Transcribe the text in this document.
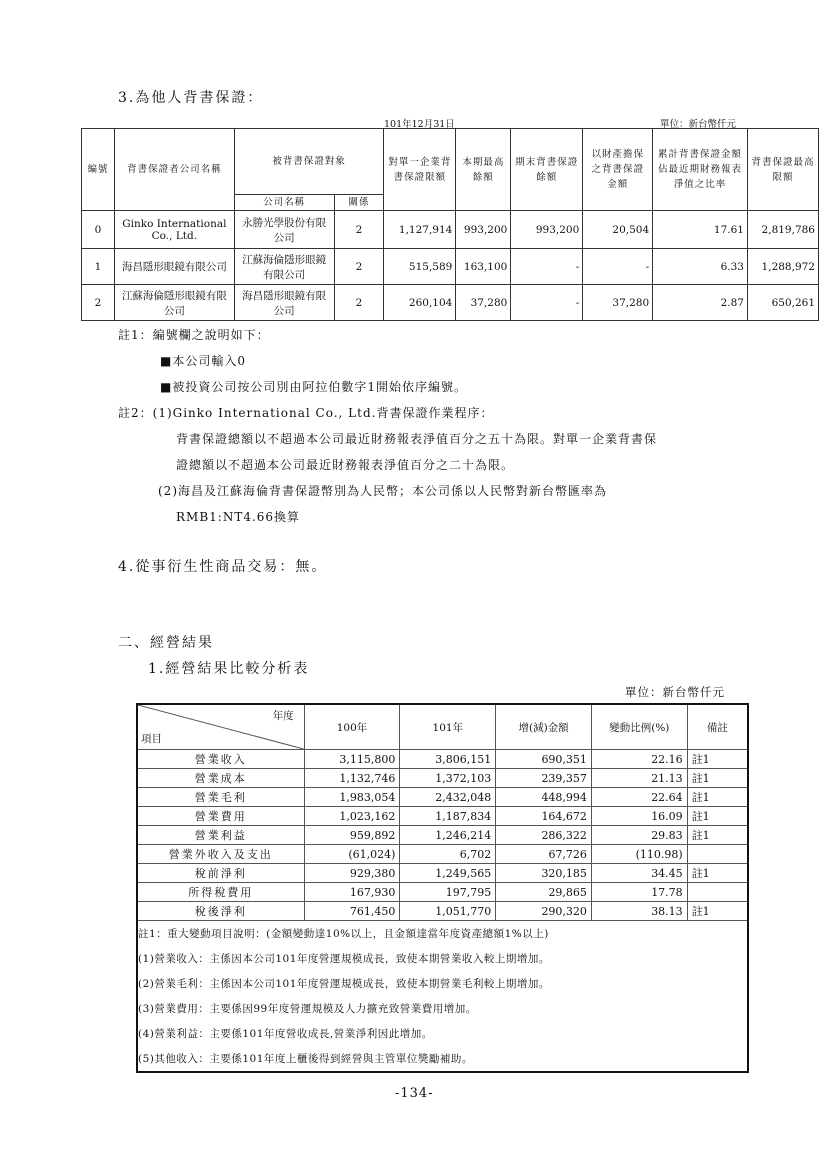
3.為他人背書保證：
101年12月31日	單位：新台幣仟元
編號	背書保證者公司名稱	被背書保證對象		對單一企業背書保證限額	本期最高餘額	期末背書保證餘額	以財產擔保之背書保證金額	累計背書保證金額佔最近期財務報表淨值之比率	背書保證最高限額
		公司名稱	關係						
0	Ginko International Co., Ltd.	永勝光學股份有限公司	2	1,127,914	993,200	993,200	20,504	17.61	2,819,786
1	海昌隱形眼鏡有限公司	江蘇海倫隱形眼鏡有限公司	2	515,589	163,100	-	-	6.33	1,288,972
2	江蘇海倫隱形眼鏡有限公司	海昌隱形眼鏡有限公司	2	260,104	37,280	-	37,280	2.87	650,261
註1：編號欄之說明如下：
■本公司輸入0
■被投資公司按公司別由阿拉伯數字1開始依序編號。
註2：(1)Ginko International Co., Ltd.背書保證作業程序：
背書保證總額以不超過本公司最近財務報表淨值百分之五十為限。對單一企業背書保
證總額以不超過本公司最近財務報表淨值百分之二十為限。
(2)海昌及江蘇海倫背書保證幣別為人民幣；本公司係以人民幣對新台幣匯率為
RMB1:NT4.66換算
4.從事衍生性商品交易：無。
二、經營結果
1.經營結果比較分析表
單位：新台幣仟元
年度
項目	100年	101年	增(減)金額	變動比例(%)	備註
營業收入	3,115,800	3,806,151	690,351	22.16	註1
營業成本	1,132,746	1,372,103	239,357	21.13	註1
營業毛利	1,983,054	2,432,048	448,994	22.64	註1
營業費用	1,023,162	1,187,834	164,672	16.09	註1
營業利益	959,892	1,246,214	286,322	29.83	註1
營業外收入及支出	(61,024)	6,702	67,726	(110.98)	
稅前淨利	929,380	1,249,565	320,185	34.45	註1
所得稅費用	167,930	197,795	29,865	17.78	
稅後淨利	761,450	1,051,770	290,320	38.13	註1
註1：重大變動項目說明：(金額變動達10%以上，且金額達當年度資產總額1%以上)					
(1)營業收入：主係因本公司101年度營運規模成長，致使本期營業收入較上期增加。					
(2)營業毛利：主係因本公司101年度營運規模成長，致使本期營業毛利較上期增加。					
(3)營業費用：主要係因99年度營運規模及人力擴充致營業費用增加。					
(4)營業利益：主要係101年度營收成長,營業淨利因此增加。					
(5)其他收入：主要係101年度上櫃後得到經營與主管單位獎勵補助。					
-134-
